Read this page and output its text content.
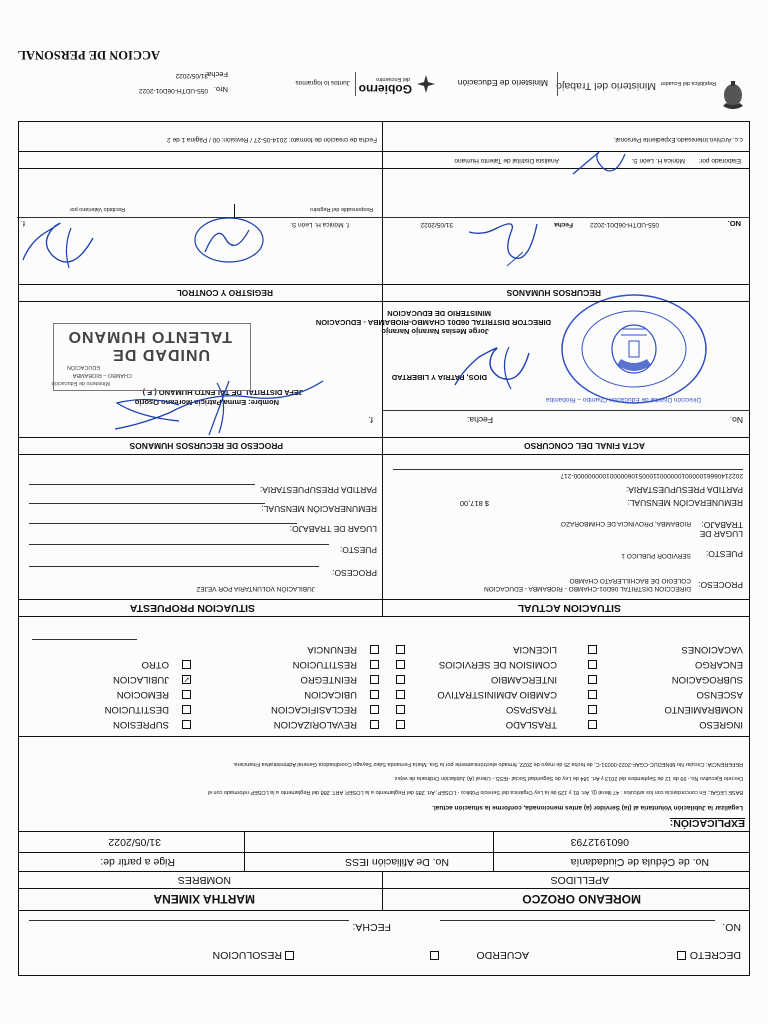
República del Ecuador
Ministerio del Trabajo
Ministerio de Educación
Gobierno
del Encuentro
Juntos lo logramos
Nro.
055-UDTH-06D01-2022
Fecha:
31/05/2022
ACCION DE PERSONAL
DECRETO
ACUERDO
RESOLUCION
NO.
FECHA:
MOREANO OROZCO
MARTHA XIMENA
APELLIDOS
NOMBRES
No. de Cédula de Ciudadanía
No. De Afiliación IESS
Rige a partir de:
0601912793
31/05/2022
EXPLICACIÓN:
Legalizar la Jubilación Voluntaria al (la) Servidor (a) antes mencionada, conforme la situación actual.
BASE LEGAL: En concordancia con los artículos : 47 literal (j), Art. 81 y 129 de la Ley Orgánica del Servicio Público - LOSEP; Art. 285 del Reglamento a la LOSEP, ART. 288 del Reglamento a la LOSEP reformado con el
Decreto Ejecutivo No.- 99 de 12 de Septiembre del 2013 y Art. 184 de Ley de Seguridad Social -IESS.- Literal (A) Jubilación Ordinaria de vejez.
REFERENCIA: Circular No MINEDUC-CGAF-2022-00031-C, de fecha 25 de mayo de 2022, firmado electrónicamente por la Sra. María Fernanda Sáez Sayago Coordinadora General Administrativa Financiera.
INGRESO
NOMBRAMIENTO
ASCENSO
SUBROGACION
ENCARGO
VACACIONES
TRASLADO
TRASPASO
CAMBIO ADMINISTRATIVO
INTERCAMBIO
COMISION DE SERVICIOS
LICENCIA
REVALORIZACION
RECLASIFICACION
UBICACION
REINTEGRO
RESTITUCION
RENUNCIA
SUPRESION
DESTITUCION
REMOCION
JUBILACION ✓
OTRO
SITUACION ACTUAL
SITUACION PROPUESTA
PROCESO:
DIRECCION DISTRITAL 06D01-CHAMBO - RIOBAMBA - EDUCACION
COLEGIO DE BACHILLERATO CHAMBO
PUESTO:
SERVIDOR PUBLICO 1
LUGAR DE
TRABAJO:
RIOBAMBA, PROVINCIA DE CHIMBORAZO
REMUNERACIÓN MENSUAL:
$ 817,00
PARTIDA PRESUPUESTARIA:
20221406661000001000000110005106000001000000000-217
PROCESO:
JUBILACIÓN VOLUNTARIA POR VEJEZ
PUESTO:
LUGAR DE TRABAJO:
REMUNERACIÓN MENSUAL:
PARTIDA PRESUPUESTARIA:
ACTA FINAL DEL CONCURSO
PROCESO DE RECURSOS HUMANOS
No.
Fecha:
f.
Nombre: Emma Patricia Moreano Osorio
JEFA DISTRITAL DE TALENTO HUMANO ( E )
Ministerio de Educación
CHAMBO – RIOBAMBA
EDUCACIÓN
UNIDAD DE
TALENTO HUMANO
DIOS, PATRIA Y LIBERTAD
Jorge Mesías Naranjo Naranjo
DIRECTOR DISTRITAL 06D01 CHAMBO-RIOBAMBA - EDUCACION
MINISTERIO DE EDUCACION
Dirección Distrital de Educación Chambo – Riobamba
RECURSOS HUMANOS
REGISTRO Y CONTROL
NO.
055-UDTH-06D01-2022
Fecha
31/05/2022
f. Mónica H. León S.
f.
Responsable del Registro
Recibido Valeriano por
Elaborado por:
Mónica H. León S.
Analista Distrital de Talento Humano
c.c. Archivo.Interesado.Expediente Personal.
Fecha de creación de formato: 2014-05-27 / Revisión: 00 / Página 1 de 2
